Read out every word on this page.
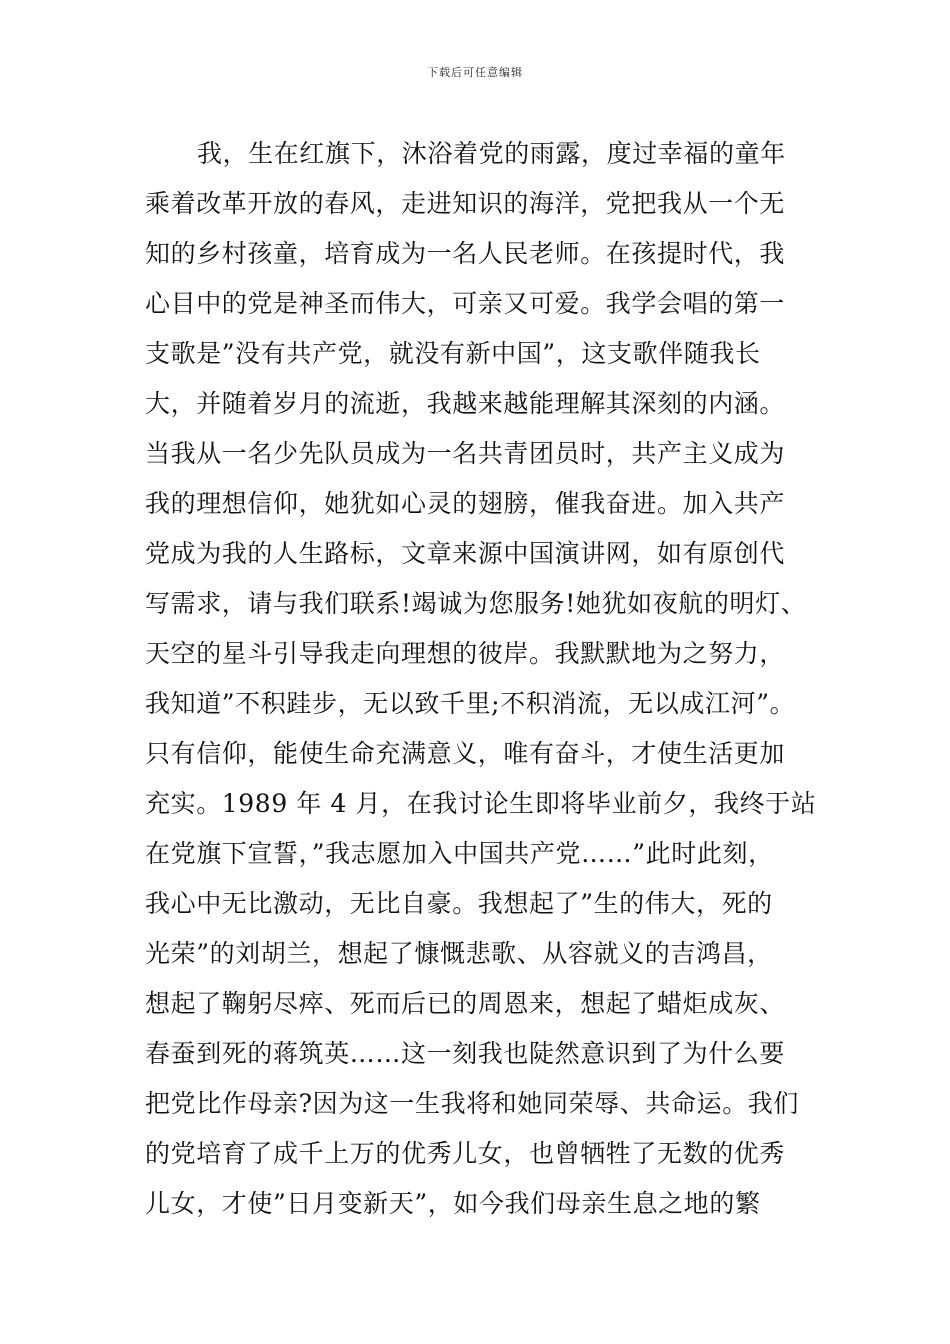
下载后可任意编辑
我，生在红旗下，沐浴着党的雨露，度过幸福的童年
乘着改革开放的春风，走进知识的海洋，党把我从一个无
知的乡村孩童，培育成为一名人民老师。在孩提时代，我
心目中的党是神圣而伟大，可亲又可爱。我学会唱的第一
支歌是”没有共产党，就没有新中国”，这支歌伴随我长
大，并随着岁月的流逝，我越来越能理解其深刻的内涵。
当我从一名少先队员成为一名共青团员时，共产主义成为
我的理想信仰，她犹如心灵的翅膀，催我奋进。加入共产
党成为我的人生路标，文章来源中国演讲网，如有原创代
写需求，请与我们联系!竭诚为您服务!她犹如夜航的明灯、
天空的星斗引导我走向理想的彼岸。我默默地为之努力，
我知道”不积跬步，无以致千里;不积消流，无以成江河”。
只有信仰，能使生命充满意义，唯有奋斗，才使生活更加
充实。1989 年 4 月，在我讨论生即将毕业前夕，我终于站
在党旗下宣誓，”我志愿加入中国共产党……”此时此刻，
我心中无比激动，无比自豪。我想起了”生的伟大，死的
光荣”的刘胡兰，想起了慷慨悲歌、从容就义的吉鸿昌，
想起了鞠躬尽瘁、死而后已的周恩来，想起了蜡炬成灰、
春蚕到死的蒋筑英……这一刻我也陡然意识到了为什么要
把党比作母亲?因为这一生我将和她同荣辱、共命运。我们
的党培育了成千上万的优秀儿女，也曾牺牲了无数的优秀
儿女，才使”日月变新天”，如今我们母亲生息之地的繁
